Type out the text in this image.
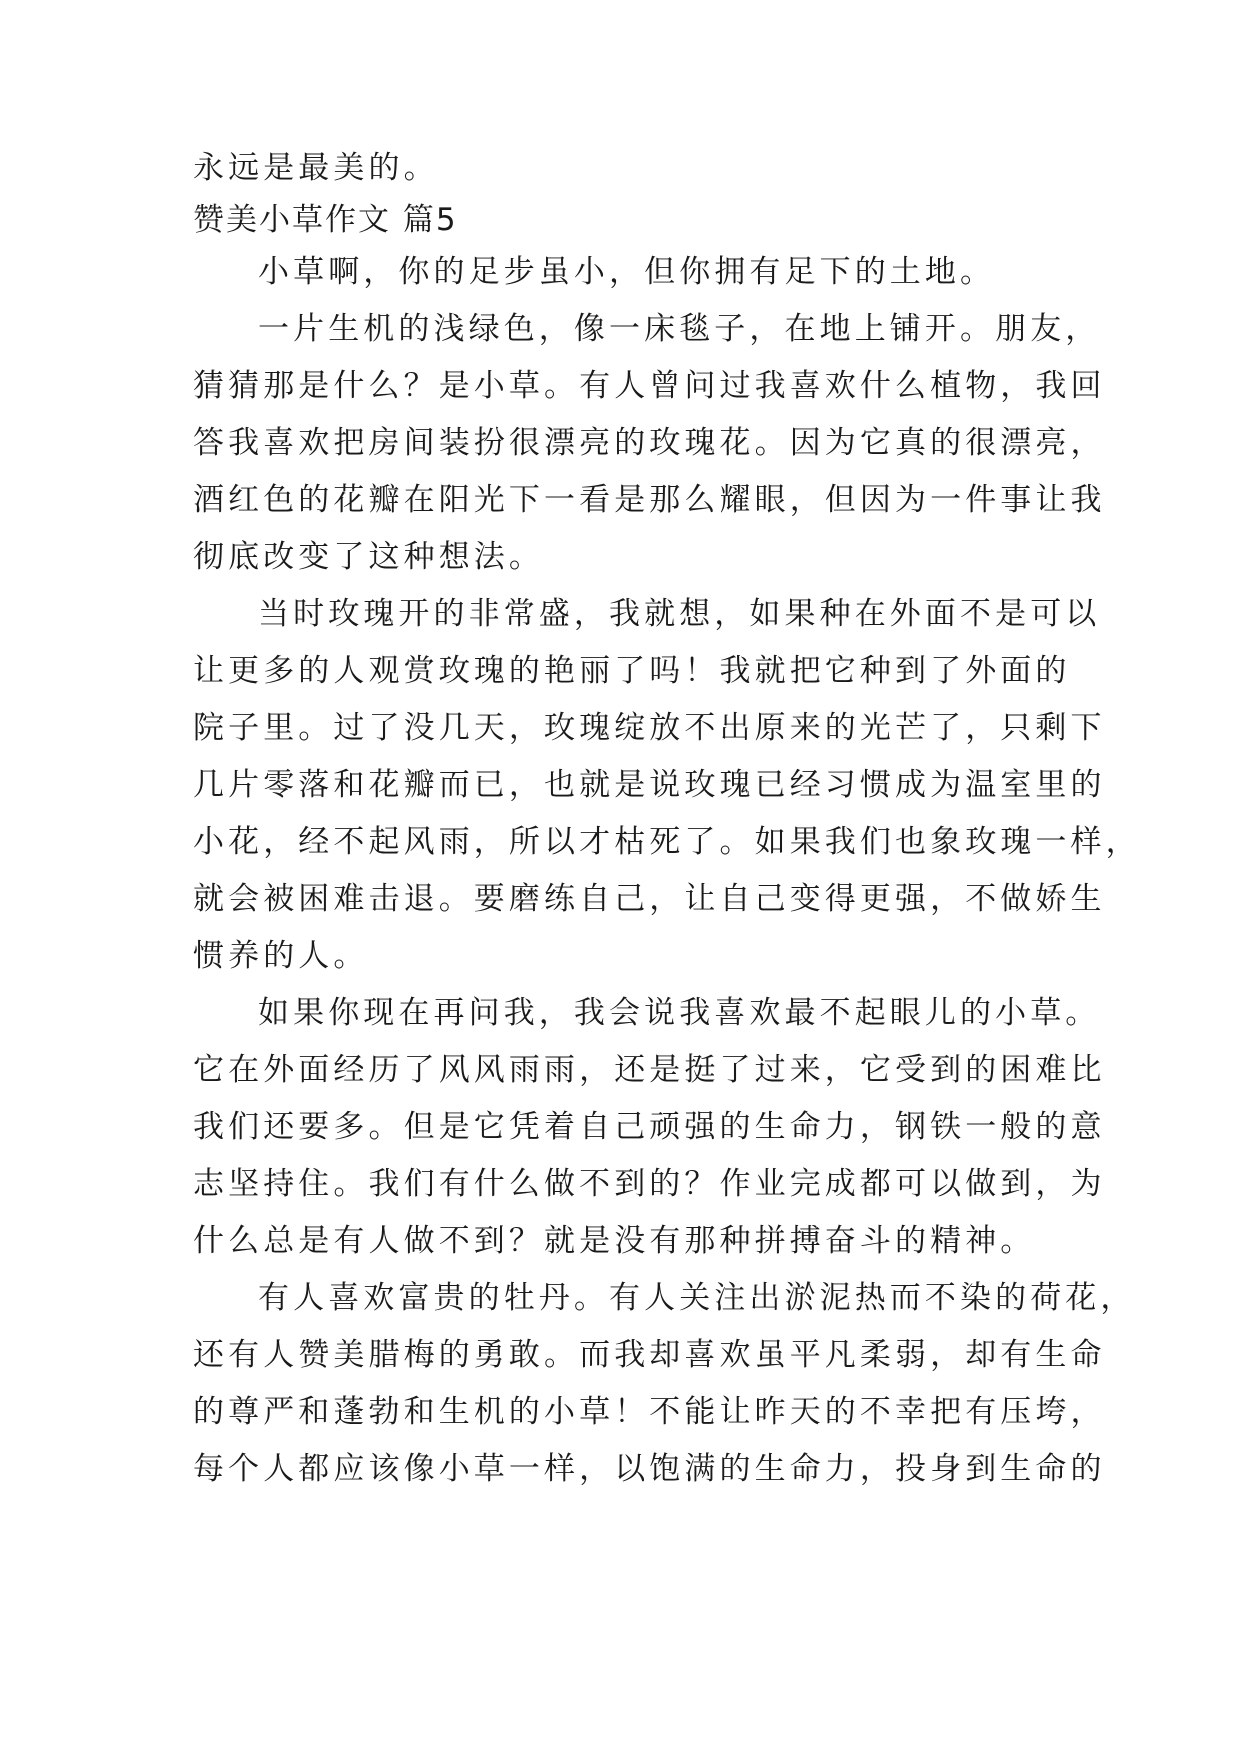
永远是最美的。
赞美小草作文 篇5
小草啊，你的足步虽小，但你拥有足下的土地。
一片生机的浅绿色，像一床毯子，在地上铺开。朋友，
猜猜那是什么？是小草。有人曾问过我喜欢什么植物，我回
答我喜欢把房间装扮很漂亮的玫瑰花。因为它真的很漂亮，
酒红色的花瓣在阳光下一看是那么耀眼，但因为一件事让我
彻底改变了这种想法。
当时玫瑰开的非常盛，我就想，如果种在外面不是可以
让更多的人观赏玫瑰的艳丽了吗！我就把它种到了外面的
院子里。过了没几天，玫瑰绽放不出原来的光芒了，只剩下
几片零落和花瓣而已，也就是说玫瑰已经习惯成为温室里的
小花，经不起风雨，所以才枯死了。如果我们也象玫瑰一样，
就会被困难击退。要磨练自己，让自己变得更强，不做娇生
惯养的人。
如果你现在再问我，我会说我喜欢最不起眼儿的小草。
它在外面经历了风风雨雨，还是挺了过来，它受到的困难比
我们还要多。但是它凭着自己顽强的生命力，钢铁一般的意
志坚持住。我们有什么做不到的？作业完成都可以做到，为
什么总是有人做不到？就是没有那种拼搏奋斗的精神。
有人喜欢富贵的牡丹。有人关注出淤泥热而不染的荷花，
还有人赞美腊梅的勇敢。而我却喜欢虽平凡柔弱，却有生命
的尊严和蓬勃和生机的小草！不能让昨天的不幸把有压垮，
每个人都应该像小草一样，以饱满的生命力，投身到生命的
